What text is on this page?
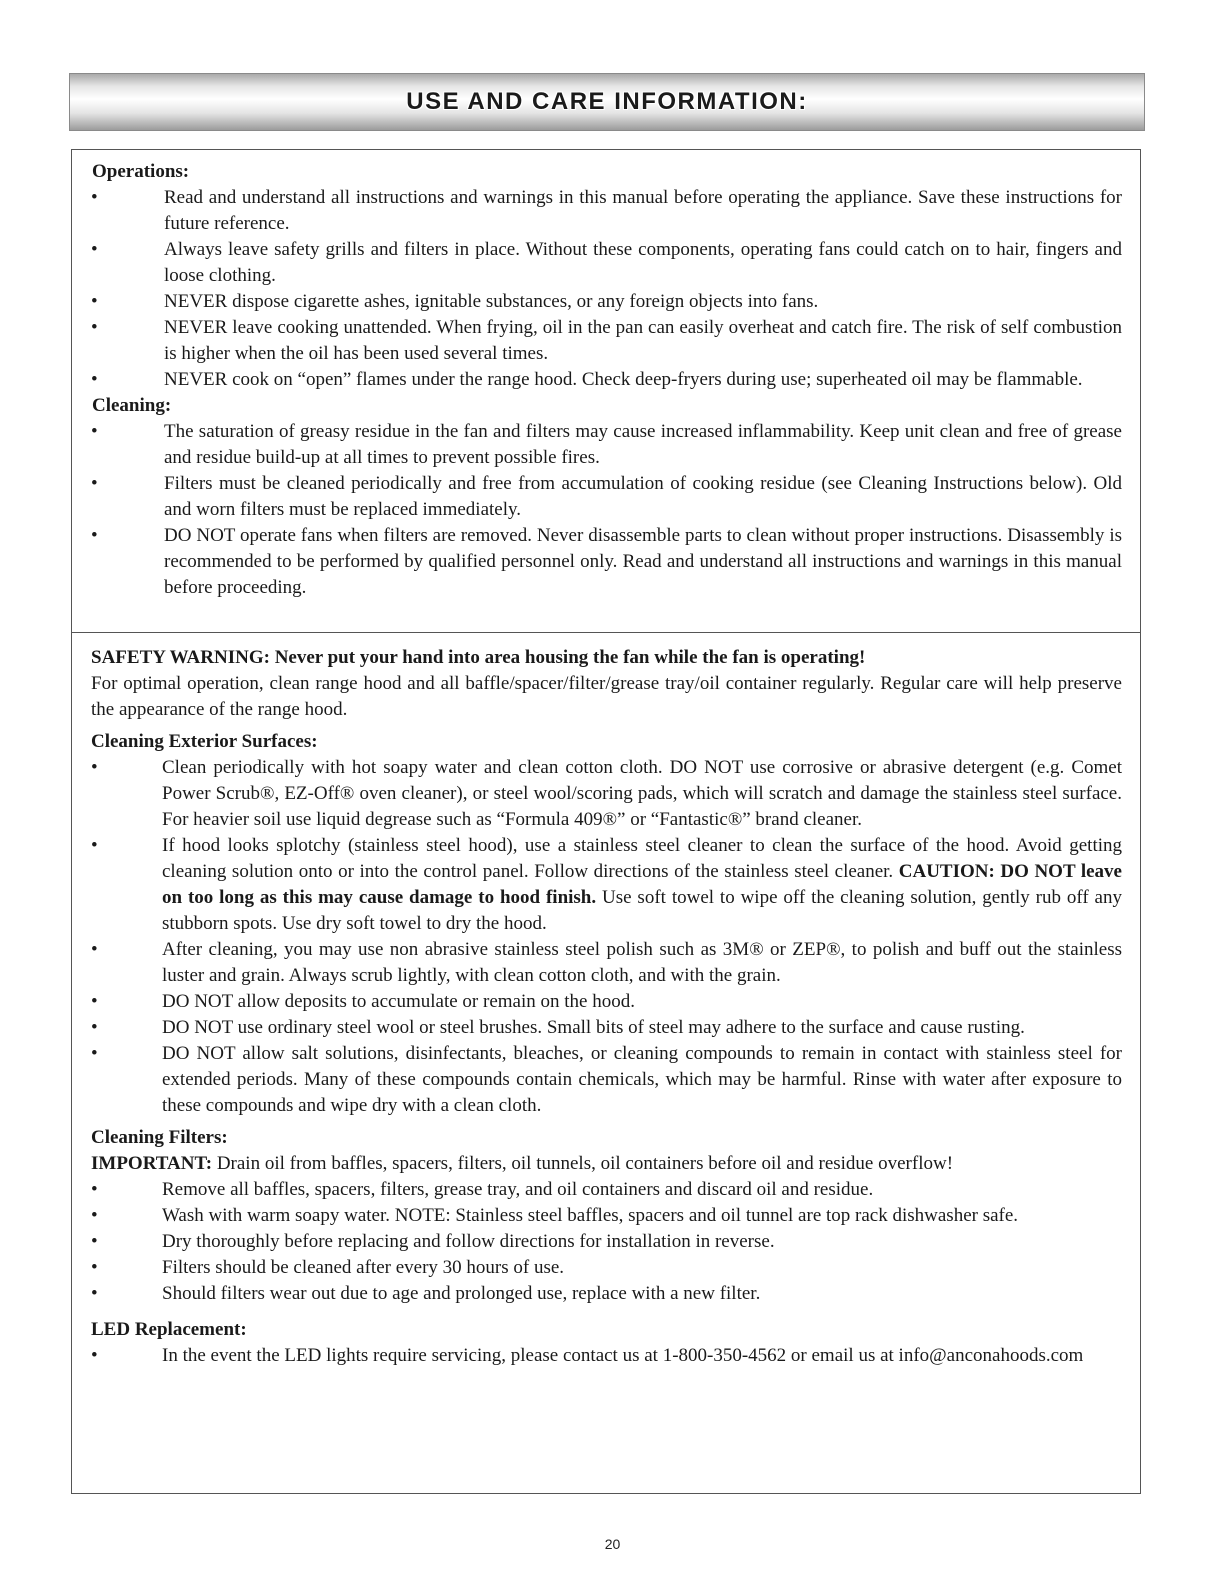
USE AND CARE INFORMATION:
Operations:
•	Read and understand all instructions and warnings in this manual before operating the appliance. Save these instructions for future reference.
•	Always leave safety grills and filters in place. Without these components, operating fans could catch on to hair, fingers and loose clothing.
•	NEVER dispose cigarette ashes, ignitable substances, or any foreign objects into fans.
•	NEVER leave cooking unattended. When frying, oil in the pan can easily overheat and catch fire. The risk of self combustion is higher when the oil has been used several times.
•	NEVER cook on “open” flames under the range hood. Check deep-fryers during use; superheated oil may be flammable.
Cleaning:
•	The saturation of greasy residue in the fan and filters may cause increased inflammability. Keep unit clean and free of grease and residue build-up at all times to prevent possible fires.
•	Filters must be cleaned periodically and free from accumulation of cooking residue (see Cleaning Instructions below). Old and worn filters must be replaced immediately.
•	DO NOT operate fans when filters are removed. Never disassemble parts to clean without proper instructions. Disassembly is recommended to be performed by qualified personnel only. Read and understand all instructions and warnings in this manual before proceeding.
SAFETY WARNING: Never put your hand into area housing the fan while the fan is operating!
For optimal operation, clean range hood and all baffle/spacer/filter/grease tray/oil container regularly. Regular care will help preserve the appearance of the range hood.
Cleaning Exterior Surfaces:
•	Clean periodically with hot soapy water and clean cotton cloth. DO NOT use corrosive or abrasive detergent (e.g. Comet Power Scrub®, EZ-Off® oven cleaner), or steel wool/scoring pads, which will scratch and damage the stainless steel surface. For heavier soil use liquid degrease such as “Formula 409®” or “Fantastic®” brand cleaner.
•	If hood looks splotchy (stainless steel hood), use a stainless steel cleaner to clean the surface of the hood. Avoid getting cleaning solution onto or into the control panel. Follow directions of the stainless steel cleaner. CAUTION: DO NOT leave on too long as this may cause damage to hood finish. Use soft towel to wipe off the cleaning solution, gently rub off any stubborn spots. Use dry soft towel to dry the hood.
•	After cleaning, you may use non abrasive stainless steel polish such as 3M® or ZEP®, to polish and buff out the stainless luster and grain. Always scrub lightly, with clean cotton cloth, and with the grain.
•	DO NOT allow deposits to accumulate or remain on the hood.
•	DO NOT use ordinary steel wool or steel brushes. Small bits of steel may adhere to the surface and cause rusting.
•	DO NOT allow salt solutions, disinfectants, bleaches, or cleaning compounds to remain in contact with stainless steel for extended periods. Many of these compounds contain chemicals, which may be harmful. Rinse with water after exposure to these compounds and wipe dry with a clean cloth.
Cleaning Filters:
IMPORTANT: Drain oil from baffles, spacers, filters, oil tunnels, oil containers before oil and residue overflow!
•	Remove all baffles, spacers, filters, grease tray, and oil containers and discard oil and residue.
•	Wash with warm soapy water. NOTE: Stainless steel baffles, spacers and oil tunnel are top rack dishwasher safe.
•	Dry thoroughly before replacing and follow directions for installation in reverse.
•	Filters should be cleaned after every 30 hours of use.
•	Should filters wear out due to age and prolonged use, replace with a new filter.
LED Replacement:
•	In the event the LED lights require servicing, please contact us at 1-800-350-4562 or email us at info@anconahoods.com
20
